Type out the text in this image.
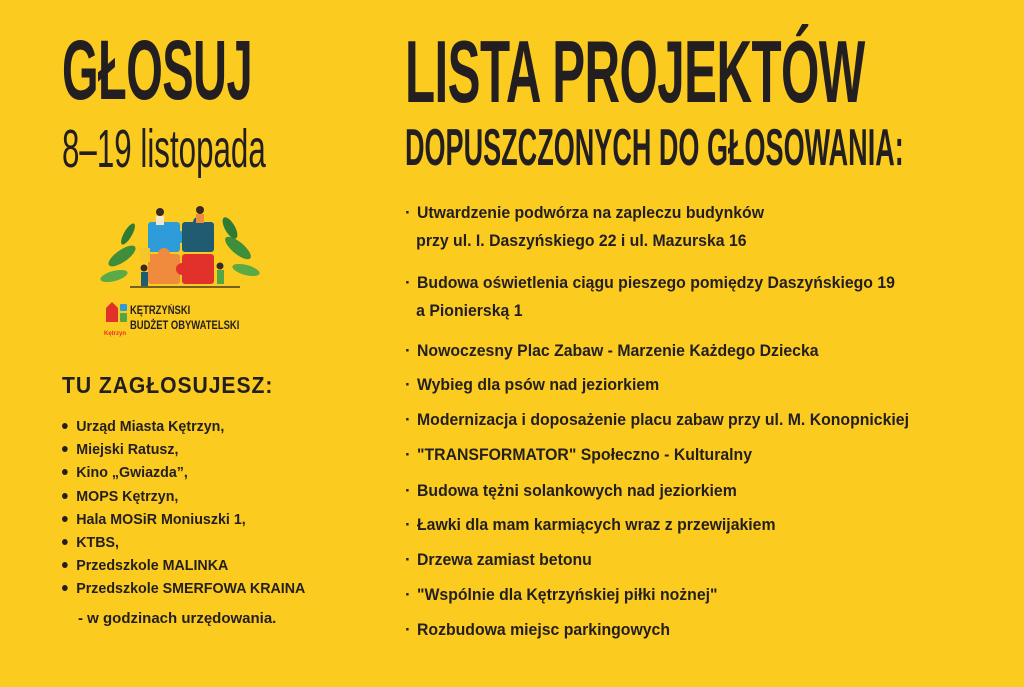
GŁOSUJ
8–19 listopada
KĘTRZYŃSKI
BUDŻET OBYWATELSKI
Kętrzyn
TU ZAGŁOSUJESZ:
Urząd Miasta Kętrzyn,
Miejski Ratusz,
Kino „Gwiazda”,
MOPS Kętrzyn,
Hala MOSiR Moniuszki 1,
KTBS,
Przedszkole MALINKA
Przedszkole SMERFOWA KRAINA
- w godzinach urzędowania.
LISTA PROJEKTÓW
DOPUSZCZONYCH DO GŁOSOWANIA:
· Utwardzenie podwórza na zapleczu budynków
przy ul. I. Daszyńskiego 22 i ul. Mazurska 16
· Budowa oświetlenia ciągu pieszego pomiędzy Daszyńskiego 19
a Pionierską 1
· Nowoczesny Plac Zabaw - Marzenie Każdego Dziecka
· Wybieg dla psów nad jeziorkiem
· Modernizacja i doposażenie placu zabaw przy ul. M. Konopnickiej
· "TRANSFORMATOR" Społeczno - Kulturalny
· Budowa tężni solankowych nad jeziorkiem
· Ławki dla mam karmiących wraz z przewijakiem
· Drzewa zamiast betonu
· "Wspólnie dla Kętrzyńskiej piłki nożnej"
· Rozbudowa miejsc parkingowych
